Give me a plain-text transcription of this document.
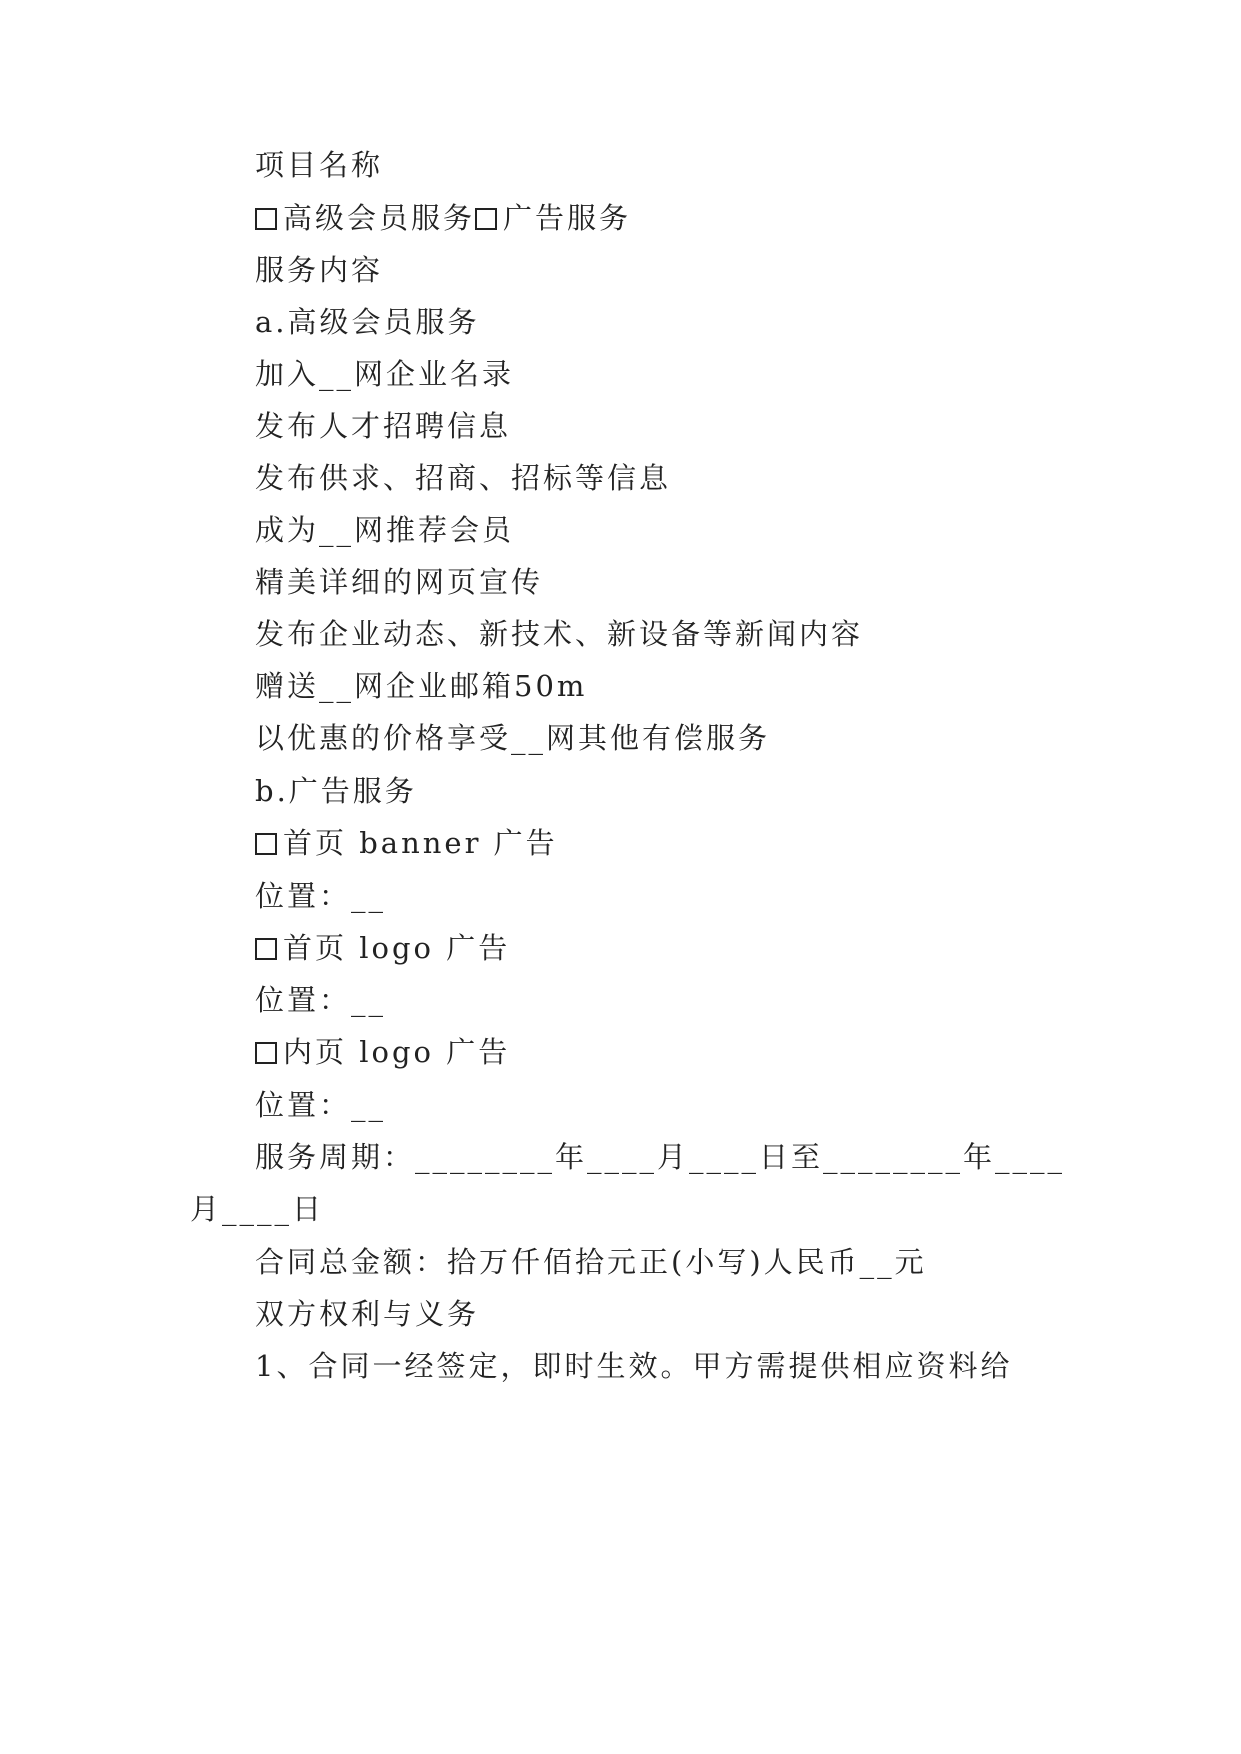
项目名称

高级会员服务 广告服务

服务内容

a.高级会员服务

加入__网企业名录

发布人才招聘信息

发布供求、招商、招标等信息

成为__网推荐会员

精美详细的网页宣传

发布企业动态、新技术、新设备等新闻内容

赠送__网企业邮箱50m

以优惠的价格享受__网其他有偿服务

b.广告服务

首页 banner 广告

位置：__

首页 logo 广告

位置：__

内页 logo 广告

位置：__

服务周期：________年____月____日至________年____

月____日

合同总金额：拾万仟佰拾元正(小写)人民币__元

双方权利与义务

1、合同一经签定，即时生效。甲方需提供相应资料给
